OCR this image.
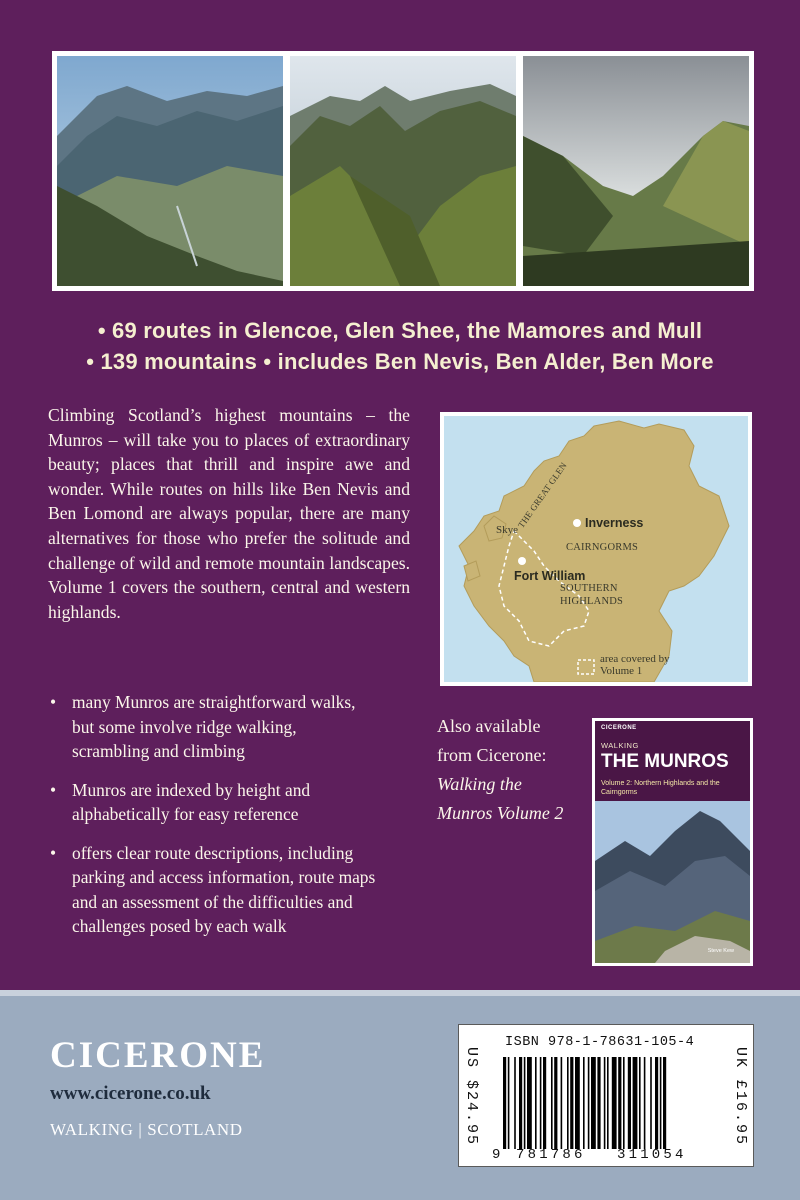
• 69 routes in Glencoe, Glen Shee, the Mamores and Mull
• 139 mountains • includes Ben Nevis, Ben Alder, Ben More

Climbing Scotland’s highest mountains – the Munros – will take you to places of extraordinary beauty; places that thrill and inspire awe and wonder. While routes on hills like Ben Nevis and Ben Lomond are always popular, there are many alternatives for those who prefer the solitude and challenge of wild and remote mountain landscapes. Volume 1 covers the southern, central and western highlands.

• many Munros are straightforward walks, but some involve ridge walking, scrambling and climbing
• Munros are indexed by height and alphabetically for easy reference
• offers clear route descriptions, including parking and access information, route maps and an assessment of the difficulties and challenges posed by each walk
Skye
THE GREAT GLEN Inverness
CAIRNGORMS
Fort William
SOUTHERN
HIGHLANDS
area covered by
Volume 1
Also available
from Cicerone:
Walking the
Munros Volume 2
CICERONE
WALKING
THE MUNROS
Volume 2: Northern Highlands and the Cairngorms
Steve Kew
CICERONE
www.cicerone.co.uk
WALKING | SCOTLAND	US $24.95
ISBN 978-1-78631-105-4
9 781786 311054
UK £16.95
